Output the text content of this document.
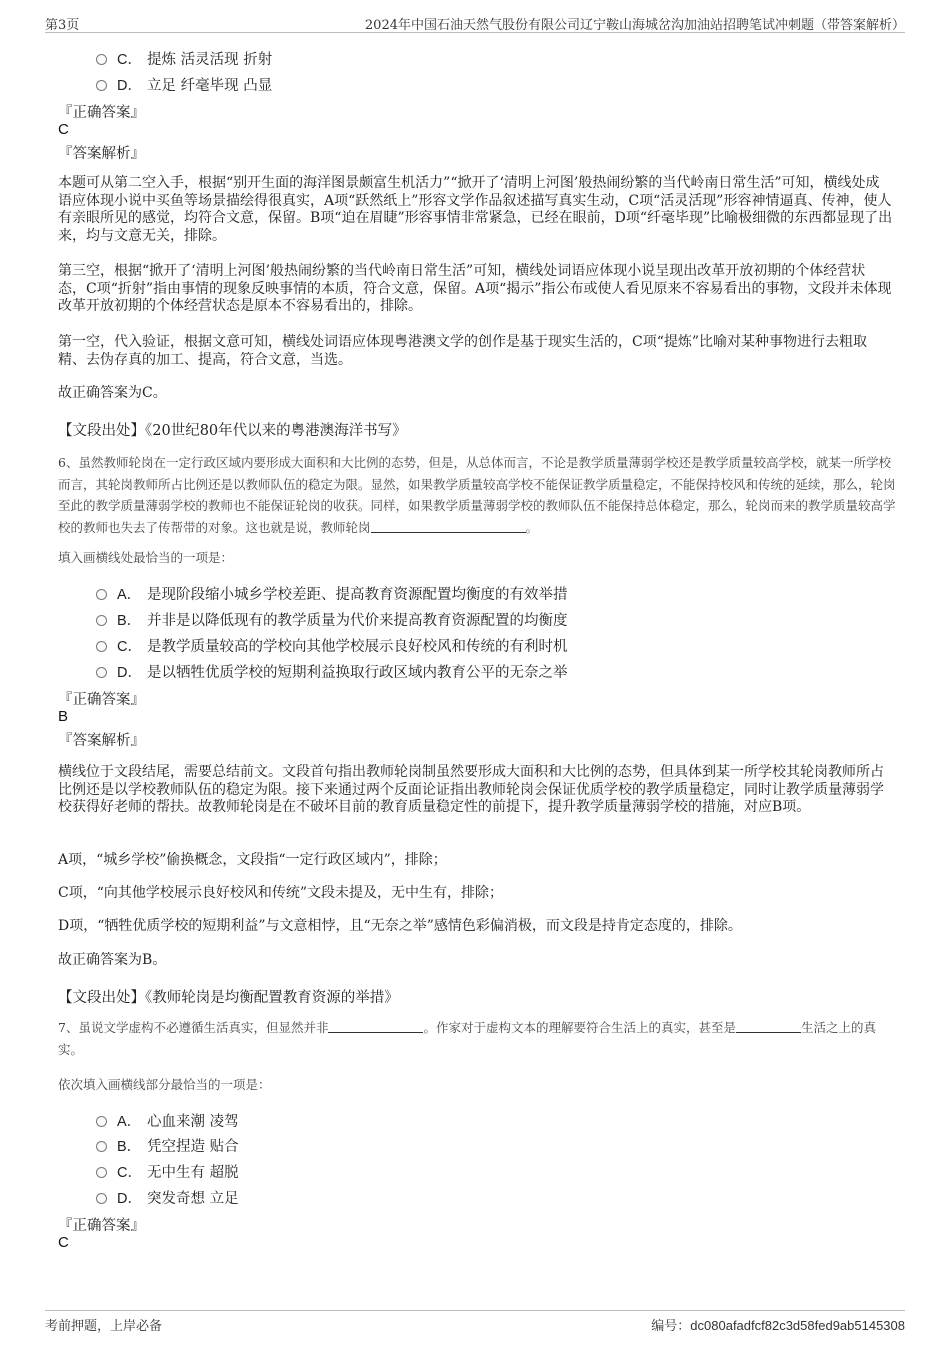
第3页	2024年中国石油天然气股份有限公司辽宁鞍山海城岔沟加油站招聘笔试冲刺题（带答案解析）
C． 提炼 活灵活现 折射
D． 立足 纤毫毕现 凸显
『正确答案』
C
『答案解析』
本题可从第二空入手，根据“别开生面的海洋图景颇富生机活力”“掀开了‘清明上河图’般热闹纷繁的当代岭南日常生活”可知，横线处成语应体现小说中买鱼等场景描绘得很真实，A项“跃然纸上”形容文学作品叙述描写真实生动，C项“活灵活现”形容神情逼真、传神，使人有亲眼所见的感觉，均符合文意，保留。B项“迫在眉睫”形容事情非常紧急，已经在眼前，D项“纤毫毕现”比喻极细微的东西都显现了出来，均与文意无关，排除。
第三空，根据“掀开了‘清明上河图’般热闹纷繁的当代岭南日常生活”可知，横线处词语应体现小说呈现出改革开放初期的个体经营状态，C项“折射”指由事情的现象反映事情的本质，符合文意，保留。A项“揭示”指公布或使人看见原来不容易看出的事物，文段并未体现改革开放初期的个体经营状态是原本不容易看出的，排除。
第一空，代入验证，根据文意可知，横线处词语应体现粤港澳文学的创作是基于现实生活的，C项“提炼”比喻对某种事物进行去粗取精、去伪存真的加工、提高，符合文意，当选。
故正确答案为C。
【文段出处】《20世纪80年代以来的粤港澳海洋书写》
6、虽然教师轮岗在一定行政区域内要形成大面积和大比例的态势，但是，从总体而言，不论是教学质量薄弱学校还是教学质量较高学校，就某一所学校而言，其轮岗教师所占比例还是以教师队伍的稳定为限。显然，如果教学质量较高学校不能保证教学质量稳定，不能保持校风和传统的延续，那么，轮岗至此的教学质量薄弱学校的教师也不能保证轮岗的收获。同样，如果教学质量薄弱学校的教师队伍不能保持总体稳定，那么，轮岗而来的教学质量较高学校的教师也失去了传帮带的对象。这也就是说，教师轮岗	。
填入画横线处最恰当的一项是：
A． 是现阶段缩小城乡学校差距、提高教育资源配置均衡度的有效举措
B． 并非是以降低现有的教学质量为代价来提高教育资源配置的均衡度
C． 是教学质量较高的学校向其他学校展示良好校风和传统的有利时机
D． 是以牺牲优质学校的短期利益换取行政区域内教育公平的无奈之举
『正确答案』
B
『答案解析』
横线位于文段结尾，需要总结前文。文段首句指出教师轮岗制虽然要形成大面积和大比例的态势，但具体到某一所学校其轮岗教师所占比例还是以学校教师队伍的稳定为限。接下来通过两个反面论证指出教师轮岗会保证优质学校的教学质量稳定，同时让教学质量薄弱学校获得好老师的帮扶。故教师轮岗是在不破坏目前的教育质量稳定性的前提下，提升教学质量薄弱学校的措施，对应B项。
A项，“城乡学校”偷换概念，文段指“一定行政区域内”，排除；
C项，“向其他学校展示良好校风和传统”文段未提及，无中生有，排除；
D项，“牺牲优质学校的短期利益”与文意相悖，且“无奈之举”感情色彩偏消极，而文段是持肯定态度的，排除。
故正确答案为B。
【文段出处】《教师轮岗是均衡配置教育资源的举措》
7、虽说文学虚构不必遵循生活真实，但显然并非	。作家对于虚构文本的理解要符合生活上的真实，甚至是	生活之上的真实。
依次填入画横线部分最恰当的一项是：
A． 心血来潮 凌驾
B． 凭空捏造 贴合
C． 无中生有 超脱
D． 突发奇想 立足
『正确答案』
C
考前押题，上岸必备	编号：dc080afadfcf82c3d58fed9ab5145308
